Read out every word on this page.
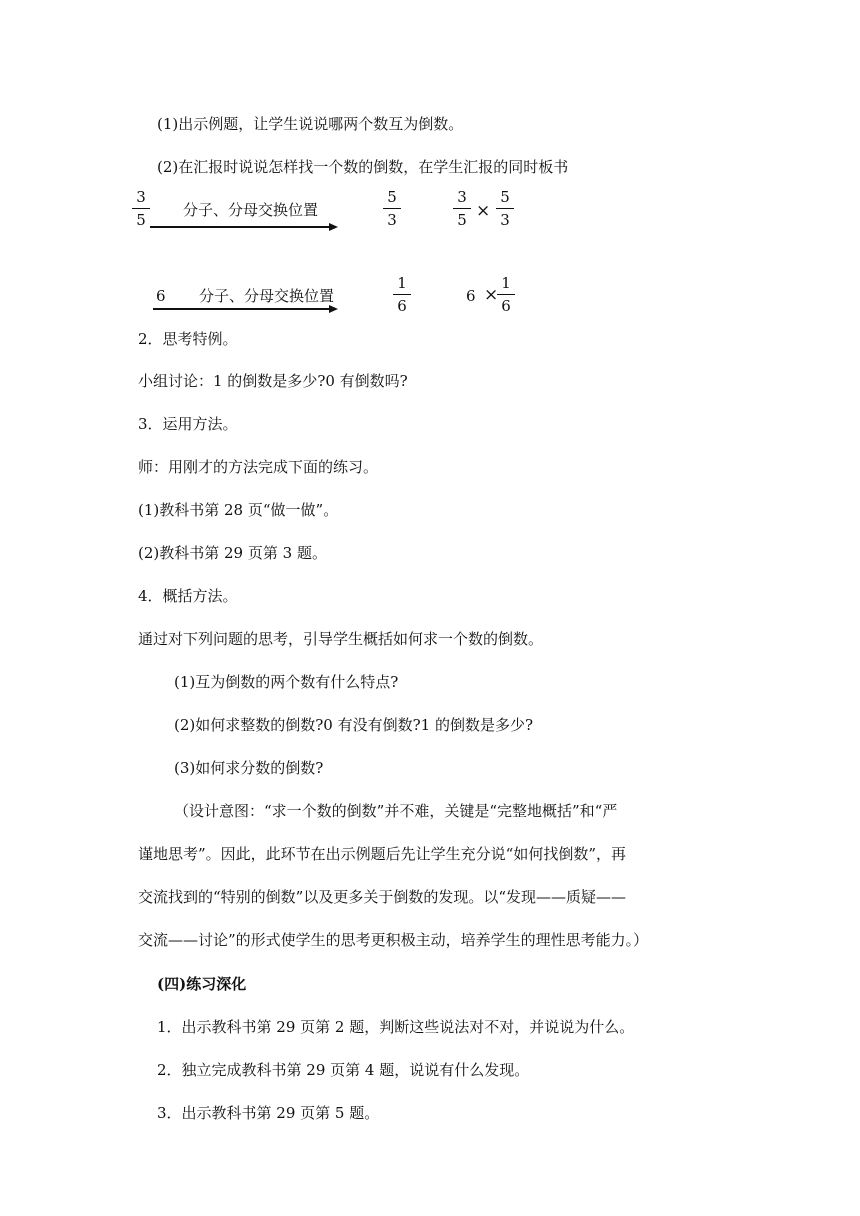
(1)出示例题，让学生说说哪两个数互为倒数。
(2)在汇报时说说怎样找一个数的倒数，在学生汇报的同时板书
3
5
分子、分母交换位置
5
3
3
5 ×
5
3
6 分子、分母交换位置
1
6
6 ×
1
6
2．思考特例。
小组讨论：1 的倒数是多少?0 有倒数吗?
3．运用方法。
师：用刚才的方法完成下面的练习。
(1)教科书第 28 页“做一做”。
(2)教科书第 29 页第 3 题。
4．概括方法。
通过对下列问题的思考，引导学生概括如何求一个数的倒数。
(1)互为倒数的两个数有什么特点?
(2)如何求整数的倒数?0 有没有倒数?1 的倒数是多少?
(3)如何求分数的倒数?
（设计意图：“求一个数的倒数”并不难，关键是“完整地概括”和“严
谨地思考”。因此，此环节在出示例题后先让学生充分说“如何找倒数”，再
交流找到的“特别的倒数”以及更多关于倒数的发现。以“发现——质疑——
交流——讨论”的形式使学生的思考更积极主动，培养学生的理性思考能力。）
(四)练习深化
1．出示教科书第 29 页第 2 题，判断这些说法对不对，并说说为什么。
2．独立完成教科书第 29 页第 4 题，说说有什么发现。
3．出示教科书第 29 页第 5 题。
